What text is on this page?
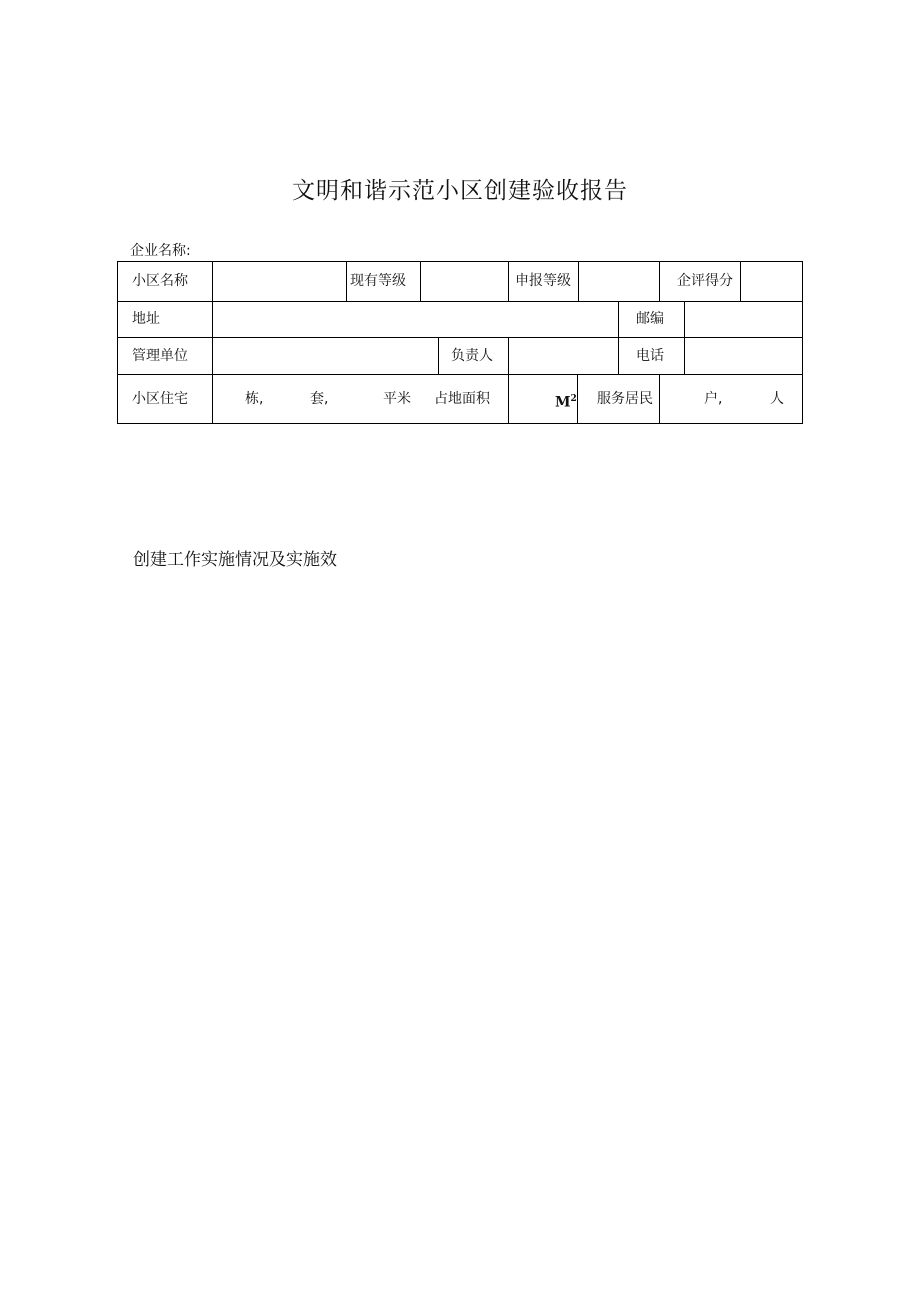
文明和谐示范小区创建验收报告
企业名称:
小区名称	现有等级	申报等级	企评得分
地址	邮编
管理单位	负责人	电话
小区住宅	栋,	套,	平米 占地面积	$M^2$ 服务居民	户,	人
创建工作实施情况及实施效
